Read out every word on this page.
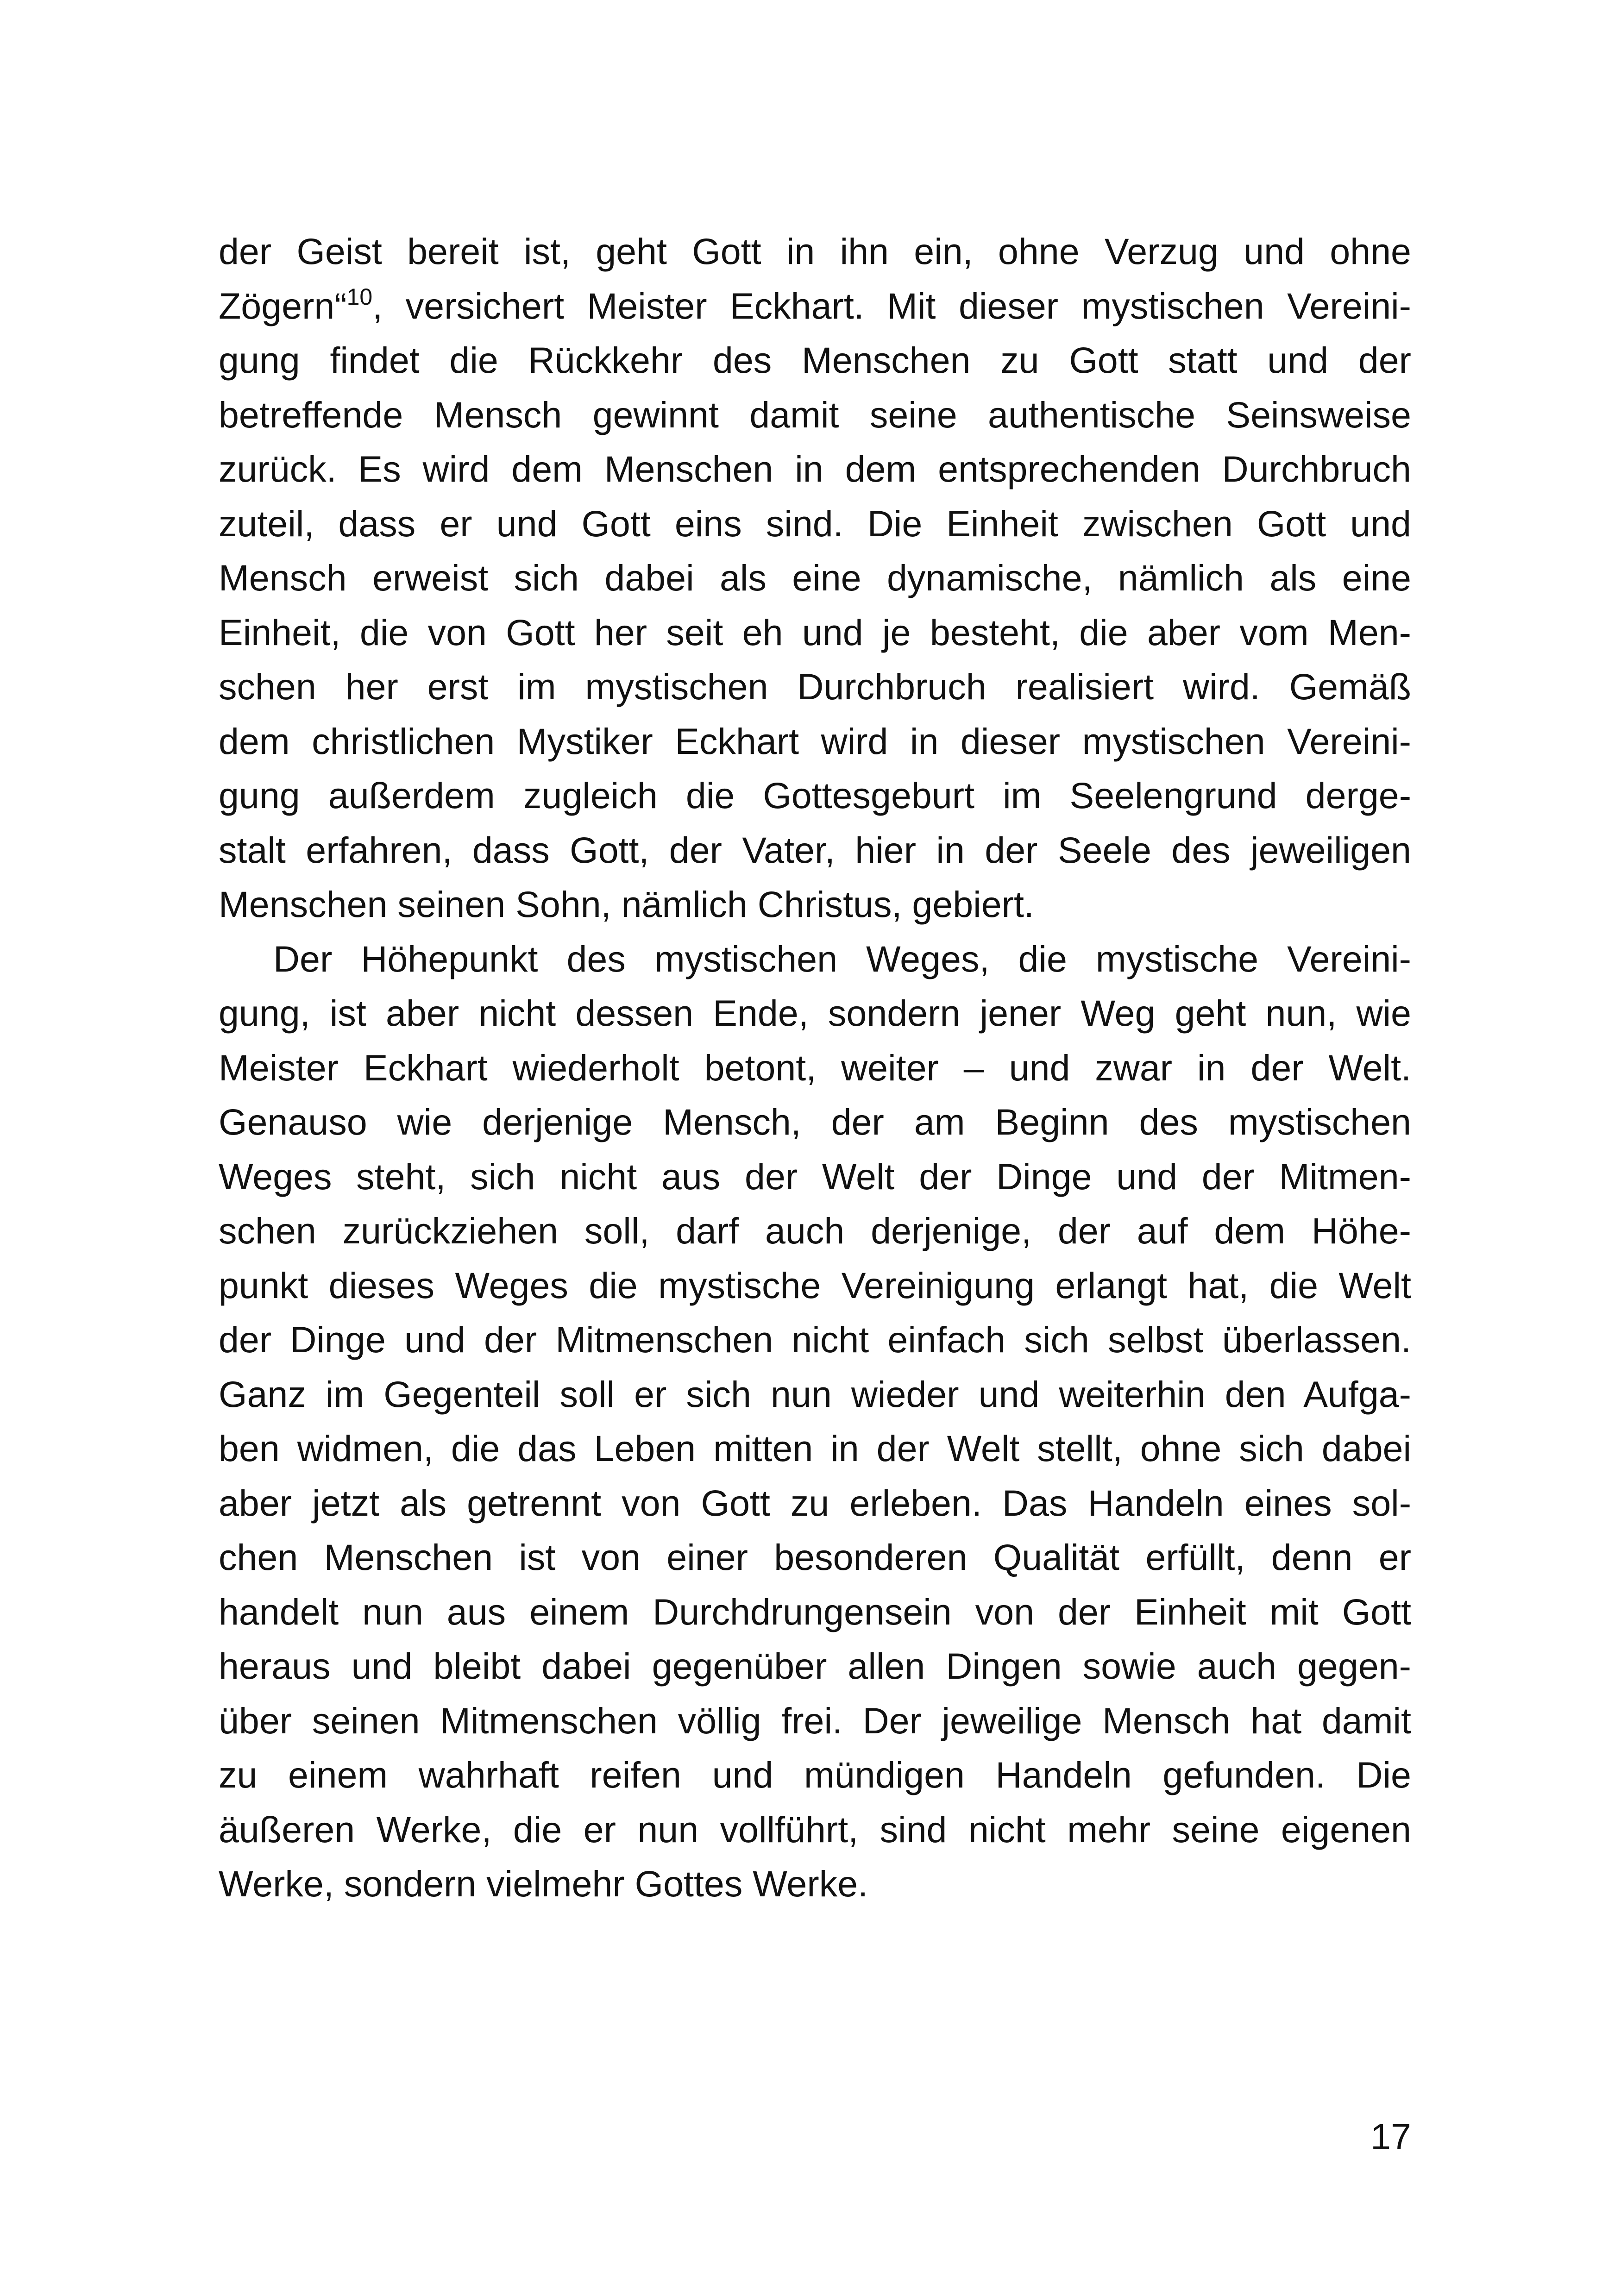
der Geist bereit ist, geht Gott in ihn ein, ohne Verzug und ohne
Zögern“$^{10}$, versichert Meister Eckhart. Mit dieser mystischen Vereini-
gung findet die Rückkehr des Menschen zu Gott statt und der
betreffende Mensch gewinnt damit seine authentische Seinsweise
zurück. Es wird dem Menschen in dem entsprechenden Durchbruch
zuteil, dass er und Gott eins sind. Die Einheit zwischen Gott und
Mensch erweist sich dabei als eine dynamische, nämlich als eine
Einheit, die von Gott her seit eh und je besteht, die aber vom Men-
schen her erst im mystischen Durchbruch realisiert wird. Gemäß
dem christlichen Mystiker Eckhart wird in dieser mystischen Vereini-
gung außerdem zugleich die Gottesgeburt im Seelengrund derge-
stalt erfahren, dass Gott, der Vater, hier in der Seele des jeweiligen
Menschen seinen Sohn, nämlich Christus, gebiert.
Der Höhepunkt des mystischen Weges, die mystische Vereini-
gung, ist aber nicht dessen Ende, sondern jener Weg geht nun, wie
Meister Eckhart wiederholt betont, weiter – und zwar in der Welt.
Genauso wie derjenige Mensch, der am Beginn des mystischen
Weges steht, sich nicht aus der Welt der Dinge und der Mitmen-
schen zurückziehen soll, darf auch derjenige, der auf dem Höhe-
punkt dieses Weges die mystische Vereinigung erlangt hat, die Welt
der Dinge und der Mitmenschen nicht einfach sich selbst überlassen.
Ganz im Gegenteil soll er sich nun wieder und weiterhin den Aufga-
ben widmen, die das Leben mitten in der Welt stellt, ohne sich dabei
aber jetzt als getrennt von Gott zu erleben. Das Handeln eines sol-
chen Menschen ist von einer besonderen Qualität erfüllt, denn er
handelt nun aus einem Durchdrungensein von der Einheit mit Gott
heraus und bleibt dabei gegenüber allen Dingen sowie auch gegen-
über seinen Mitmenschen völlig frei. Der jeweilige Mensch hat damit
zu einem wahrhaft reifen und mündigen Handeln gefunden. Die
äußeren Werke, die er nun vollführt, sind nicht mehr seine eigenen
Werke, sondern vielmehr Gottes Werke.
17
